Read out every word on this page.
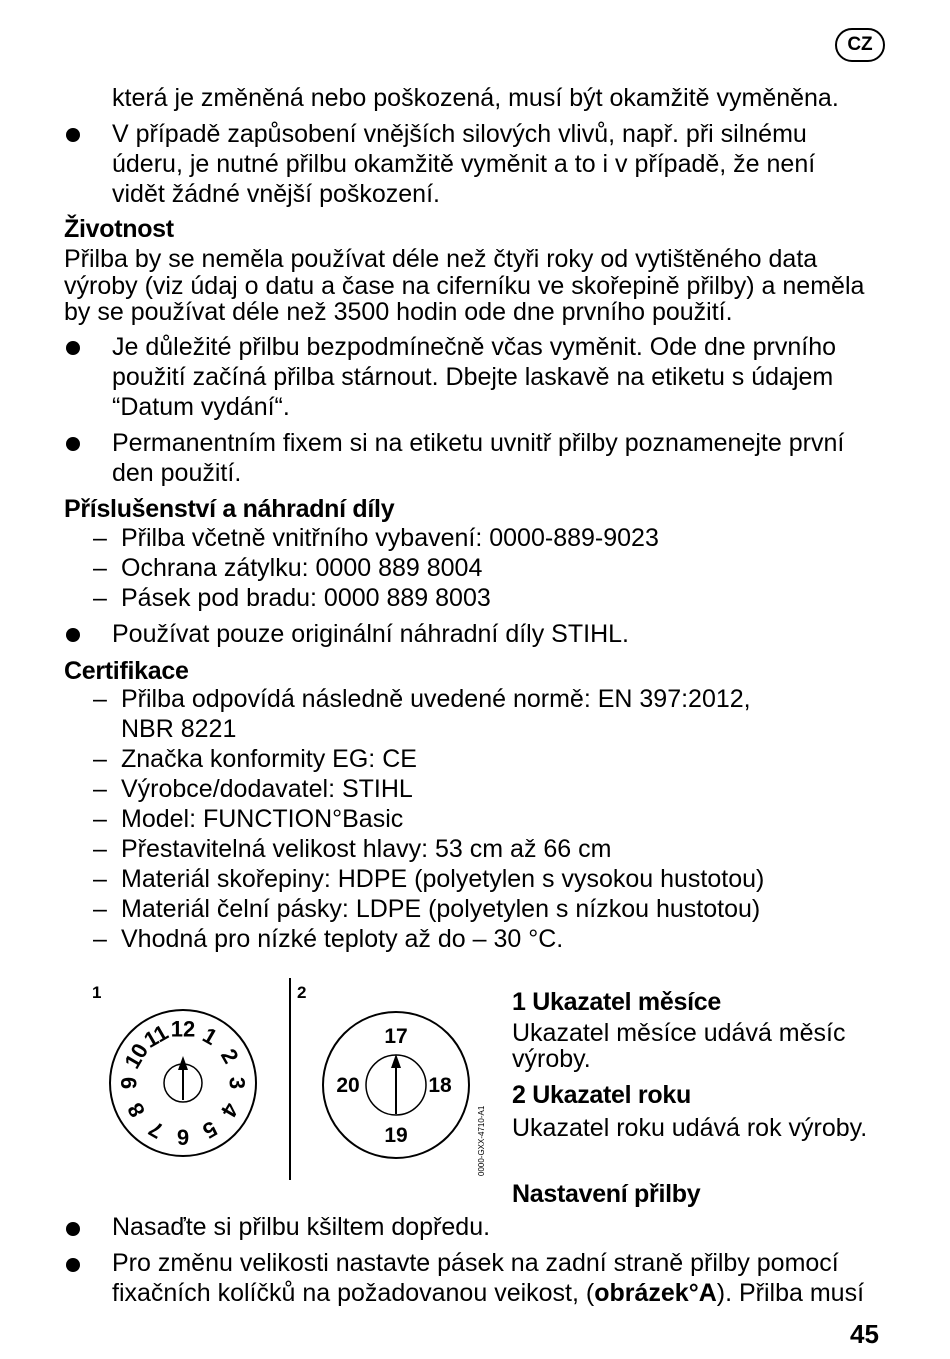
CZ
která je změněná nebo poškozená, musí být okamžitě vyměněna.
V případě zapůsobení vnějších silových vlivů, např. při silnému
úderu, je nutné přilbu okamžitě vyměnit a to i v případě, že není
vidět žádné vnější poškození.
Životnost
Přilba by se neměla používat déle než čtyři roky od vytištěného data
výroby (viz údaj o datu a čase na ciferníku ve skořepině přilby) a neměla
by se používat déle než 3500 hodin ode dne prvního použití.
Je důležité přilbu bezpodmínečně včas vyměnit. Ode dne prvního
použití začíná přilba stárnout. Dbejte laskavě na etiketu s údajem
“Datum vydání“.
Permanentním fixem si na etiketu uvnitř přilby poznamenejte první
den použití.
Příslušenství a náhradní díly
– Přilba včetně vnitřního vybavení: 0000-889-9023
– Ochrana zátylku: 0000 889 8004
– Pásek pod bradu: 0000 889 8003
Používat pouze originální náhradní díly STIHL.
Certifikace
– Přilba odpovídá následně uvedené normě: EN 397:2012,
NBR 8221
– Značka konformity EG: CE
– Výrobce/dodavatel: STIHL
– Model: FUNCTION°Basic
– Přestavitelná velikost hlavy: 53 cm až 66 cm
– Materiál skořepiny: HDPE (polyetylen s vysokou hustotou)
– Materiál čelní pásky: LDPE (polyetylen s nízkou hustotou)
– Vhodná pro nízké teploty až do – 30 °C.
1	2
1
2
3
4
5
6
7
8
9
10
11
12	17
18
19
20
0000-GXX-4710-A1
1 Ukazatel měsíce
Ukazatel měsíce udává měsíc
výroby.
2 Ukazatel roku
Ukazatel roku udává rok výroby.
Nastavení přilby
Nasaďte si přilbu kšiltem dopředu.
Pro změnu velikosti nastavte pásek na zadní straně přilby pomocí
fixačních kolíčků na požadovanou veikost, (obrázek°A). Přilba musí
45
